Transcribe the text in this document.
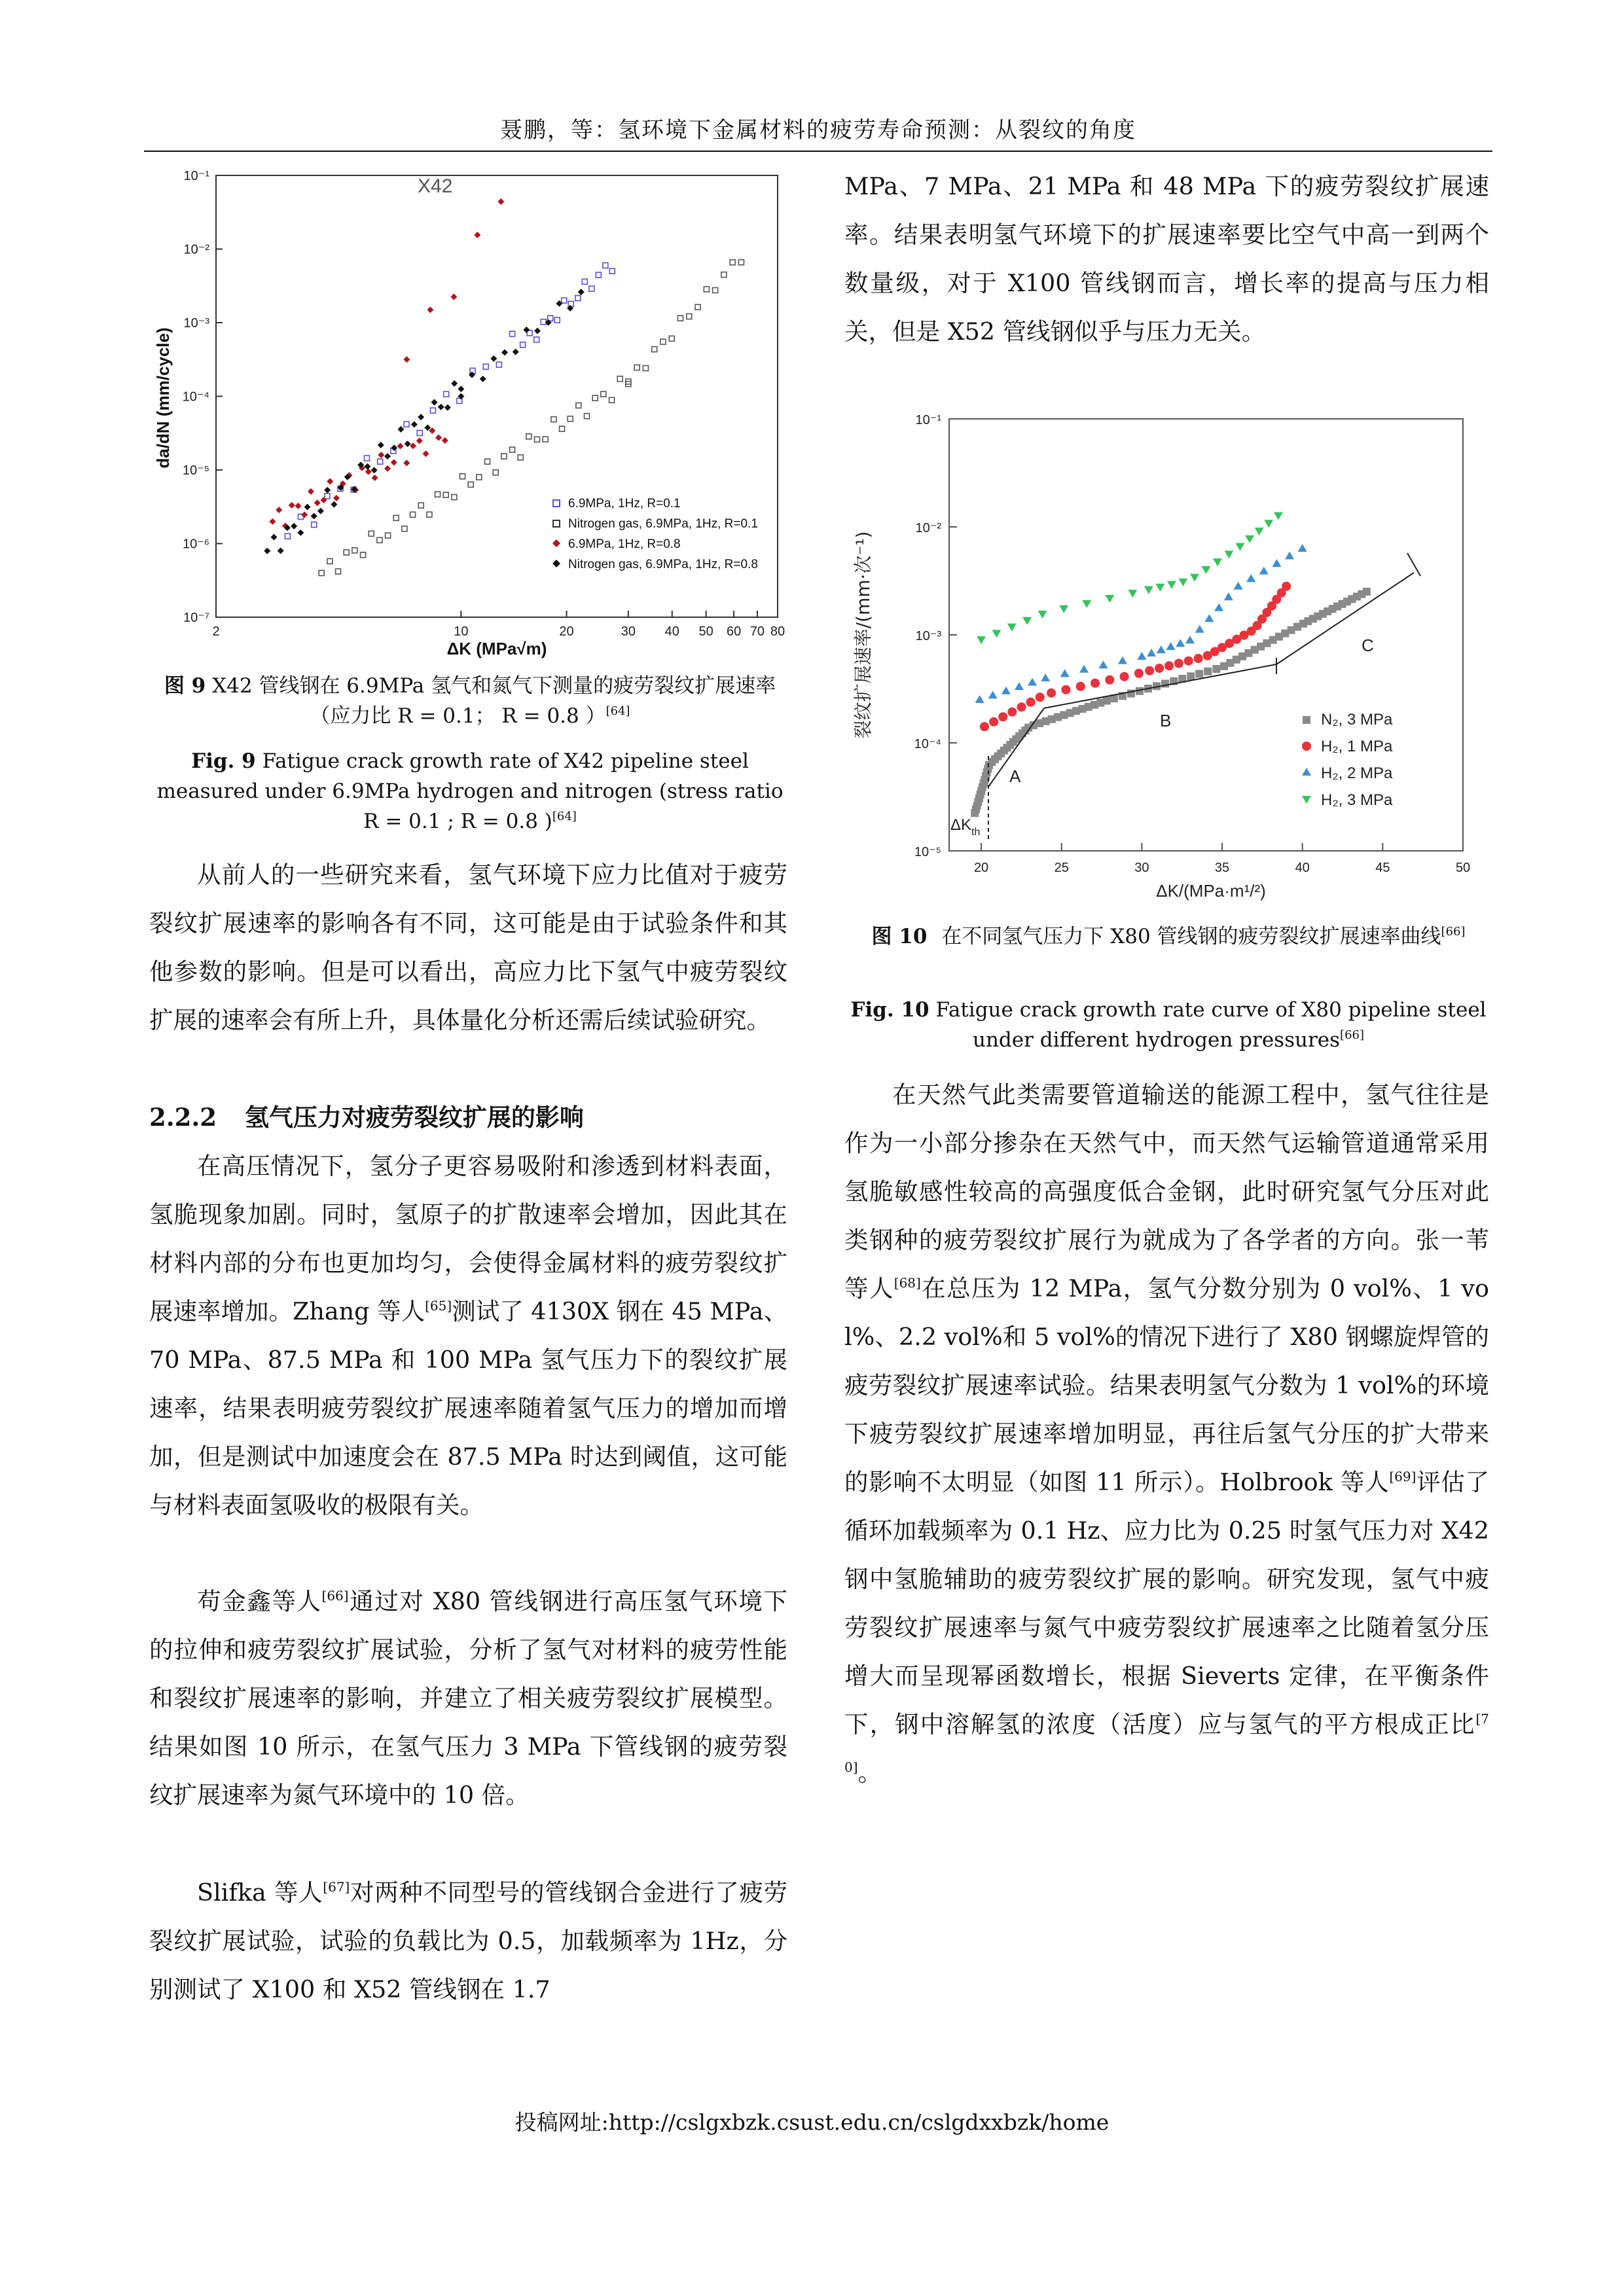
聂鹏，等：氢环境下金属材料的疲劳寿命预测：从裂纹的角度
X42
da/dN (mm/cycle)
ΔK (MPa√m)
10⁻¹
10⁻²
10⁻³
10⁻⁴
10⁻⁵
10⁻⁶
10⁻⁷
2	10	20	30 40 50 60 70 80
6.9MPa, 1Hz, R=0.1
Nitrogen gas, 6.9MPa, 1Hz, R=0.1
6.9MPa, 1Hz, R=0.8
Nitrogen gas, 6.9MPa, 1Hz, R=0.8
图 9 X42 管线钢在 6.9MPa 氢气和氮气下测量的疲劳裂纹扩展速率（应力比 R = 0.1； R = 0.8 ）[64]
Fig. 9 Fatigue crack growth rate of X42 pipeline steel measured under 6.9MPa hydrogen and nitrogen (stress ratio R = 0.1 ; R = 0.8 )[64]
从前人的一些研究来看，氢气环境下应力比值对于疲劳裂纹扩展速率的影响各有不同，这可能是由于试验条件和其他参数的影响。但是可以看出，高应力比下氢气中疲劳裂纹扩展的速率会有所上升，具体量化分析还需后续试验研究。
2.2.2 氢气压力对疲劳裂纹扩展的影响
在高压情况下，氢分子更容易吸附和渗透到材料表面，氢脆现象加剧。同时，氢原子的扩散速率会增加，因此其在材料内部的分布也更加均匀，会使得金属材料的疲劳裂纹扩展速率增加。Zhang 等人[65]测试了 4130X 钢在 45 MPa、70 MPa、87.5 MPa 和 100 MPa 氢气压力下的裂纹扩展速率，结果表明疲劳裂纹扩展速率随着氢气压力的增加而增加，但是测试中加速度会在 87.5 MPa 时达到阈值，这可能与材料表面氢吸收的极限有关。
苟金鑫等人[66]通过对 X80 管线钢进行高压氢气环境下的拉伸和疲劳裂纹扩展试验，分析了氢气对材料的疲劳性能和裂纹扩展速率的影响，并建立了相关疲劳裂纹扩展模型。结果如图 10 所示，在氢气压力 3 MPa 下管线钢的疲劳裂纹扩展速率为氮气环境中的 10 倍。
Slifka 等人[67]对两种不同型号的管线钢合金进行了疲劳裂纹扩展试验，试验的负载比为 0.5，加载频率为 1Hz，分别测试了 X100 和 X52 管线钢在 1.7
MPa、7 MPa、21 MPa 和 48 MPa 下的疲劳裂纹扩展速率。结果表明氢气环境下的扩展速率要比空气中高一到两个数量级，对于 X100 管线钢而言，增长率的提高与压力相关，但是 X52 管线钢似乎与压力无关。
裂纹扩展速率/(mm·次⁻¹)
ΔK/(MPa·m¹/²)
10⁻¹
10⁻²
10⁻³
10⁻⁴
10⁻⁵
20	25	30	35	40	45	50
A
B
C
$\Delta K_{th}$
N₂, 3 MPa
H₂, 1 MPa
H₂, 2 MPa
H₂, 3 MPa
图 10 在不同氢气压力下 X80 管线钢的疲劳裂纹扩展速率曲线[66]
Fig. 10 Fatigue crack growth rate curve of X80 pipeline steel under different hydrogen pressures[66]
在天然气此类需要管道输送的能源工程中，氢气往往是作为一小部分掺杂在天然气中，而天然气运输管道通常采用氢脆敏感性较高的高强度低合金钢，此时研究氢气分压对此类钢种的疲劳裂纹扩展行为就成为了各学者的方向。张一苇等人[68]在总压为 12 MPa，氢气分数分别为 0 vol%、1 vol%、2.2 vol%和 5 vol%的情况下进行了 X80 钢螺旋焊管的疲劳裂纹扩展速率试验。结果表明氢气分数为 1 vol%的环境下疲劳裂纹扩展速率增加明显，再往后氢气分压的扩大带来的影响不太明显（如图 11 所示）。Holbrook 等人[69]评估了循环加载频率为 0.1 Hz、应力比为 0.25 时氢气压力对 X42 钢中氢脆辅助的疲劳裂纹扩展的影响。研究发现，氢气中疲劳裂纹扩展速率与氮气中疲劳裂纹扩展速率之比随着氢分压增大而呈现幂函数增长，根据 Sieverts 定律，在平衡条件下，钢中溶解氢的浓度（活度）应与氢气的平方根成正比[70]。
投稿网址:http://cslgxbzk.csust.edu.cn/cslgdxxbzk/home
